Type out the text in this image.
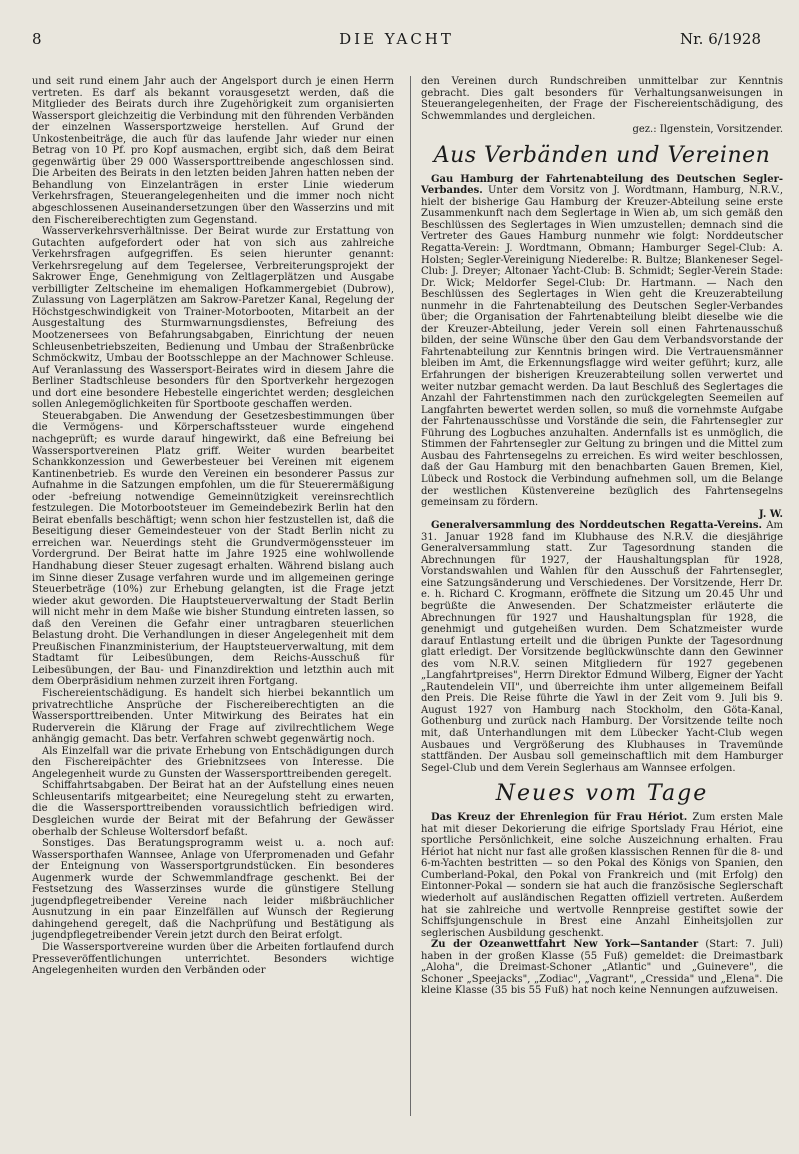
8	DIE YACHT	Nr. 6/1928

und seit rund einem Jahr auch der Angelsport durch je einen Herrn vertreten. Es darf als bekannt vorausgesetzt werden, daß die Mitglieder des Beirats durch ihre Zugehörigkeit zum organisierten Wassersport gleichzeitig die Verbindung mit den führenden Verbänden der einzelnen Wassersportzweige herstellen. Auf Grund der Unkostenbeiträge, die auch für das laufende Jahr wieder nur einen Betrag von 10 Pf. pro Kopf ausmachen, ergibt sich, daß dem Beirat gegenwärtig über 29 000 Wassersporttreibende angeschlossen sind. Die Arbeiten des Beirats in den letzten beiden Jahren hatten neben der Behandlung von Einzelanträgen in erster Linie wiederum Verkehrsfragen, Steuerangelegenheiten und die immer noch nicht abgeschlossenen Auseinandersetzungen über den Wasserzins und mit den Fischereiberechtigten zum Gegenstand.

Wasserverkehrsverhältnisse. Der Beirat wurde zur Erstattung von Gutachten aufgefordert oder hat von sich aus zahlreiche Verkehrsfragen aufgegriffen. Es seien hierunter genannt: Verkehrsregelung auf dem Tegelersee, Verbreiterungsprojekt der Sakrower Enge, Genehmigung von Zeltlagerplätzen und Ausgabe verbilligter Zeltscheine im ehemaligen Hofkammergebiet (Dubrow), Zulassung von Lagerplätzen am Sakrow-Paretzer Kanal, Regelung der Höchstgeschwindigkeit von Trainer-Motorbooten, Mitarbeit an der Ausgestaltung des Sturmwarnungsdienstes, Befreiung des Mootzenersees von Befahrungsabgaben, Einrichtung der neuen Schleusenbetriebszeiten, Bedienung und Umbau der Straßenbrücke Schmöckwitz, Umbau der Bootsschleppe an der Machnower Schleuse. Auf Veranlassung des Wassersport-Beirates wird in diesem Jahre die Berliner Stadtschleuse besonders für den Sportverkehr hergezogen und dort eine besondere Hebestelle eingerichtet werden; desgleichen sollen Anlegemöglichkeiten für Sportboote geschaffen werden.

Steuerabgaben. Die Anwendung der Gesetzesbestimmungen über die Vermögens- und Körperschaftssteuer wurde eingehend nachgeprüft; es wurde darauf hingewirkt, daß eine Befreiung bei Wassersportvereinen Platz griff. Weiter wurden bearbeitet Schankkonzession und Gewerbesteuer bei Vereinen mit eigenem Kantinenbetrieb. Es wurde den Vereinen ein besonderer Passus zur Aufnahme in die Satzungen empfohlen, um die für Steuerermäßigung oder -befreiung notwendige Gemeinnützigkeit vereinsrechtlich festzulegen. Die Motorbootsteuer im Gemeindebezirk Berlin hat den Beirat ebenfalls beschäftigt; wenn schon hier festzustellen ist, daß die Beseitigung dieser Gemeindesteuer von der Stadt Berlin nicht zu erreichen war. Neuerdings steht die Grundvermögenssteuer im Vordergrund. Der Beirat hatte im Jahre 1925 eine wohlwollende Handhabung dieser Steuer zugesagt erhalten. Während bislang auch im Sinne dieser Zusage verfahren wurde und im allgemeinen geringe Steuerbeträge (10%) zur Erhebung gelangten, ist die Frage jetzt wieder akut geworden. Die Hauptsteuerverwaltung der Stadt Berlin will nicht mehr in dem Maße wie bisher Stundung eintreten lassen, so daß den Vereinen die Gefahr einer untragbaren steuerlichen Belastung droht. Die Verhandlungen in dieser Angelegenheit mit dem Preußischen Finanzministerium, der Hauptsteuerverwaltung, mit dem Stadtamt für Leibesübungen, dem Reichs-Ausschuß für Leibesübungen, der Bau- und Finanzdirektion und letzthin auch mit dem Oberpräsidium nehmen zurzeit ihren Fortgang.

Fischereientschädigung. Es handelt sich hierbei bekanntlich um privatrechtliche Ansprüche der Fischereiberechtigten an die Wassersporttreibenden. Unter Mitwirkung des Beirates hat ein Ruderverein die Klärung der Frage auf zivilrechtlichem Wege anhängig gemacht. Das betr. Verfahren schwebt gegenwärtig noch.

Als Einzelfall war die private Erhebung von Entschädigungen durch den Fischereipächter des Griebnitzsees von Interesse. Die Angelegenheit wurde zu Gunsten der Wassersporttreibenden geregelt.

Schiffahrtsabgaben. Der Beirat hat an der Aufstellung eines neuen Schleusentarifs mitgearbeitet; eine Neuregelung steht zu erwarten, die die Wassersporttreibenden voraussichtlich befriedigen wird. Desgleichen wurde der Beirat mit der Befahrung der Gewässer oberhalb der Schleuse Woltersdorf befaßt.

Sonstiges. Das Beratungsprogramm weist u. a. noch auf: Wassersporthafen Wannsee, Anlage von Uferpromenaden und Gefahr der Enteignung von Wassersportgrundstücken. Ein besonderes Augenmerk wurde der Schwemmlandfrage geschenkt. Bei der Festsetzung des Wasserzinses wurde die günstigere Stellung jugendpflegetreibender Vereine nach leider mißbräuchlicher Ausnutzung in ein paar Einzelfällen auf Wunsch der Regierung dahingehend geregelt, daß die Nachprüfung und Bestätigung als jugendpflegetreibender Verein jetzt durch den Beirat erfolgt.

Die Wassersportvereine wurden über die Arbeiten fortlaufend durch Presseveröffentlichungen unterrichtet. Besonders wichtige Angelegenheiten wurden den Verbänden oder

den Vereinen durch Rundschreiben unmittelbar zur Kenntnis gebracht. Dies galt besonders für Verhaltungsanweisungen in Steuerangelegenheiten, der Frage der Fischereientschädigung, des Schwemmlandes und dergleichen.

gez.: Ilgenstein, Vorsitzender.
Aus Verbänden und Vereinen

Gau Hamburg der Fahrtenabteilung des Deutschen Segler-Verbandes. Unter dem Vorsitz von J. Wordtmann, Hamburg, N.R.V., hielt der bisherige Gau Hamburg der Kreuzer-Abteilung seine erste Zusammenkunft nach dem Seglertage in Wien ab, um sich gemäß den Beschlüssen des Seglertages in Wien umzustellen; demnach sind die Vertreter des Gaues Hamburg nunmehr wie folgt: Norddeutscher Regatta-Verein: J. Wordtmann, Obmann; Hamburger Segel-Club: A. Holsten; Segler-Vereinigung Niederelbe: R. Bultze; Blankeneser Segel-Club: J. Dreyer; Altonaer Yacht-Club: B. Schmidt; Segler-Verein Stade: Dr. Wick; Meldorfer Segel-Club: Dr. Hartmann. — Nach den Beschlüssen des Seglertages in Wien geht die Kreuzerabteilung nunmehr in die Fahrtenabteilung des Deutschen Segler-Verbandes über; die Organisation der Fahrtenabteilung bleibt dieselbe wie die der Kreuzer-Abteilung, jeder Verein soll einen Fahrtenausschuß bilden, der seine Wünsche über den Gau dem Verbandsvorstande der Fahrtenabteilung zur Kenntnis bringen wird. Die Vertrauensmänner bleiben im Amt, die Erkennungsflagge wird weiter geführt; kurz, alle Erfahrungen der bisherigen Kreuzerabteilung sollen verwertet und weiter nutzbar gemacht werden. Da laut Beschluß des Seglertages die Anzahl der Fahrtenstimmen nach den zurückgelegten Seemeilen auf Langfahrten bewertet werden sollen, so muß die vornehmste Aufgabe der Fahrtenausschüsse und Vorstände die sein, die Fahrtensegler zur Führung des Logbuches anzuhalten. Andernfalls ist es unmöglich, die Stimmen der Fahrtensegler zur Geltung zu bringen und die Mittel zum Ausbau des Fahrtensegelns zu erreichen. Es wird weiter beschlossen, daß der Gau Hamburg mit den benachbarten Gauen Bremen, Kiel, Lübeck und Rostock die Verbindung aufnehmen soll, um die Belange der westlichen Küstenvereine bezüglich des Fahrtensegelns gemeinsam zu fördern.

J. W.

Generalversammlung des Norddeutschen Regatta-Vereins. Am 31. Januar 1928 fand im Klubhause des N.R.V. die diesjährige Generalversammlung statt. Zur Tagesordnung standen die Abrechnungen für 1927, der Haushaltungsplan für 1928, Vorstandswahlen und Wahlen für den Ausschuß der Fahrtensegler, eine Satzungsänderung und Verschiedenes. Der Vorsitzende, Herr Dr. e. h. Richard C. Krogmann, eröffnete die Sitzung um 20.45 Uhr und begrüßte die Anwesenden. Der Schatzmeister erläuterte die Abrechnungen für 1927 und Haushaltungsplan für 1928, die genehmigt und gutgeheißen wurden. Dem Schatzmeister wurde darauf Entlastung erteilt und die übrigen Punkte der Tagesordnung glatt erledigt. Der Vorsitzende beglückwünschte dann den Gewinner des vom N.R.V. seinen Mitgliedern für 1927 gegebenen „Langfahrtpreises", Herrn Direktor Edmund Wilberg, Eigner der Yacht „Rautendelein VII", und überreichte ihm unter allgemeinem Beifall den Preis. Die Reise führte die Yawl in der Zeit vom 9. Juli bis 9. August 1927 von Hamburg nach Stockholm, den Göta-Kanal, Gothenburg und zurück nach Hamburg. Der Vorsitzende teilte noch mit, daß Unterhandlungen mit dem Lübecker Yacht-Club wegen Ausbaues und Vergrößerung des Klubhauses in Travemünde stattfänden. Der Ausbau soll gemeinschaftlich mit dem Hamburger Segel-Club und dem Verein Seglerhaus am Wannsee erfolgen.

Neues vom Tage

Das Kreuz der Ehrenlegion für Frau Hériot. Zum ersten Male hat mit dieser Dekorierung die eifrige Sportslady Frau Hériot, eine sportliche Persönlichkeit, eine solche Auszeichnung erhalten. Frau Hériot hat nicht nur fast alle großen klassischen Rennen für die 8- und 6-m-Yachten bestritten — so den Pokal des Königs von Spanien, den Cumberland-Pokal, den Pokal von Frankreich und (mit Erfolg) den Eintonner-Pokal — sondern sie hat auch die französische Seglerschaft wiederholt auf ausländischen Regatten offiziell vertreten. Außerdem hat sie zahlreiche und wertvolle Rennpreise gestiftet sowie der Schiffsjungenschule in Brest eine Anzahl Einheitsjollen zur seglerischen Ausbildung geschenkt.

Zu der Ozeanwettfahrt New York—Santander (Start: 7. Juli) haben in der großen Klasse (55 Fuß) gemeldet: die Dreimastbark „Aloha", die Dreimast-Schoner „Atlantic" und „Guinevere", die Schoner „Speejacks", „Zodiac", „Vagrant", „Cressida" und „Elena". Die kleine Klasse (35 bis 55 Fuß) hat noch keine Nennungen aufzuweisen.
